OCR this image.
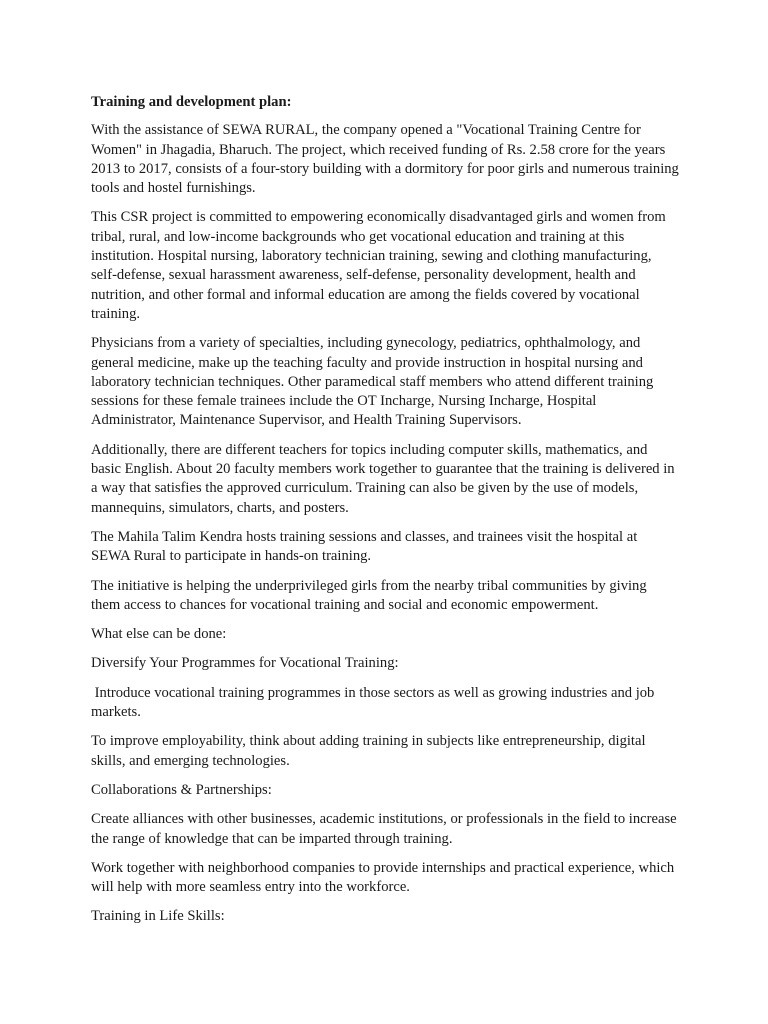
Training and development plan:

With the assistance of SEWA RURAL, the company opened a "Vocational Training Centre for Women" in Jhagadia, Bharuch. The project, which received funding of Rs. 2.58 crore for the years 2013 to 2017, consists of a four-story building with a dormitory for poor girls and numerous training tools and hostel furnishings.

This CSR project is committed to empowering economically disadvantaged girls and women from tribal, rural, and low-income backgrounds who get vocational education and training at this institution. Hospital nursing, laboratory technician training, sewing and clothing manufacturing, self-defense, sexual harassment awareness, self-defense, personality development, health and nutrition, and other formal and informal education are among the fields covered by vocational training.

Physicians from a variety of specialties, including gynecology, pediatrics, ophthalmology, and general medicine, make up the teaching faculty and provide instruction in hospital nursing and laboratory technician techniques. Other paramedical staff members who attend different training sessions for these female trainees include the OT Incharge, Nursing Incharge, Hospital Administrator, Maintenance Supervisor, and Health Training Supervisors.

Additionally, there are different teachers for topics including computer skills, mathematics, and basic English. About 20 faculty members work together to guarantee that the training is delivered in a way that satisfies the approved curriculum. Training can also be given by the use of models, mannequins, simulators, charts, and posters.

The Mahila Talim Kendra hosts training sessions and classes, and trainees visit the hospital at SEWA Rural to participate in hands-on training.

The initiative is helping the underprivileged girls from the nearby tribal communities by giving them access to chances for vocational training and social and economic empowerment.

What else can be done:

Diversify Your Programmes for Vocational Training:

Introduce vocational training programmes in those sectors as well as growing industries and job markets.

To improve employability, think about adding training in subjects like entrepreneurship, digital skills, and emerging technologies.

Collaborations & Partnerships:

Create alliances with other businesses, academic institutions, or professionals in the field to increase the range of knowledge that can be imparted through training.

Work together with neighborhood companies to provide internships and practical experience, which will help with more seamless entry into the workforce.

Training in Life Skills:
